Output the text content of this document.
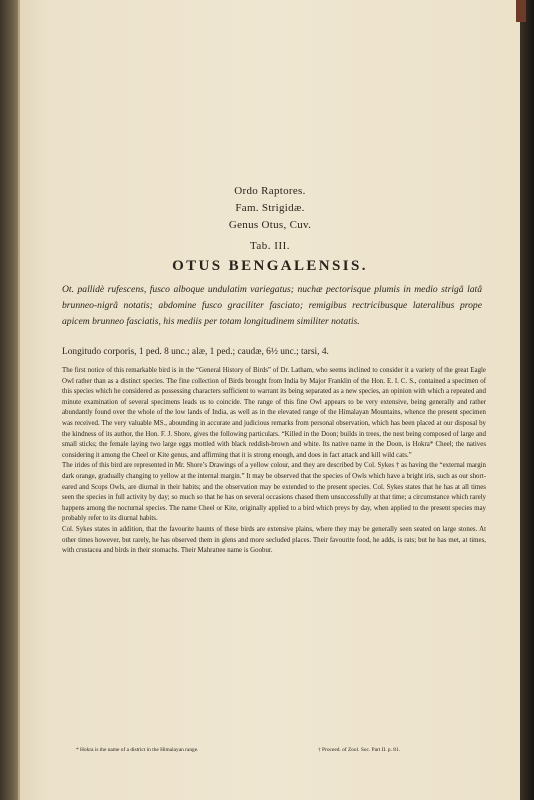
Ordo Raptores.
Fam. Strigidæ.
Genus Otus, Cuv.
Tab. III.
OTUS BENGALENSIS.
Ot. pallidè rufescens, fusco alboque undulatim variegatus; nuchæ pectorisque plumis in medio strigâ latâ brunneo-nigrâ notatis; abdomine fusco graciliter fasciato; remigibus rectricibusque lateralibus prope apicem brunneo fasciatis, his mediis per totam longitudinem similiter notatis.
Longitudo corporis, 1 ped. 8 unc.; alæ, 1 ped.; caudæ, 6½ unc.; tarsi, 4.

The first notice of this remarkable bird is in the “General History of Birds” of Dr. Latham, who seems inclined to consider it a variety of the great Eagle Owl rather than as a distinct species. The fine collection of Birds brought from India by Major Franklin of the Hon. E. I. C. S., contained a specimen of this species which he considered as possessing characters sufficient to warrant its being separated as a new species, an opinion with which a repeated and minute examination of several specimens leads us to coincide. The range of this fine Owl appears to be very extensive, being generally and rather abundantly found over the whole of the low lands of India, as well as in the elevated range of the Himalayan Mountains, whence the present specimen was received. The very valuable MS., abounding in accurate and judicious remarks from personal observation, which has been placed at our disposal by the kindness of its author, the Hon. F. J. Shore, gives the following particulars. “Killed in the Doon; builds in trees, the nest being composed of large and small sticks; the female laying two large eggs mottled with black reddish-brown and white. Its native name in the Doon, is Hokra* Cheel; the natives considering it among the Cheel or Kite genus, and affirming that it is strong enough, and does in fact attack and kill wild cats.”

The irides of this bird are represented in Mr. Shore’s Drawings of a yellow colour, and they are described by Col. Sykes † as having the “external margin dark orange, gradually changing to yellow at the internal margin.” It may be observed that the species of Owls which have a bright iris, such as our short-eared and Scops Owls, are diurnal in their habits; and the observation may be extended to the present species. Col. Sykes states that he has at all times seen the species in full activity by day; so much so that he has on several occasions chased them unsuccessfully at that time; a circumstance which rarely happens among the nocturnal species. The name Cheel or Kite, originally applied to a bird which preys by day, when applied to the present species may probably refer to its diurnal habits.

Col. Sykes states in addition, that the favourite haunts of these birds are extensive plains, where they may be generally seen seated on large stones. At other times however, but rarely, he has observed them in glens and more secluded places. Their favourite food, he adds, is rats; but he has met, at times, with crustacea and birds in their stomachs. Their Mahrattee name is Goobur.

* Hokra is the name of a district in the Himalayan range.	† Proceed. of Zool. Soc. Part II. p. 81.
